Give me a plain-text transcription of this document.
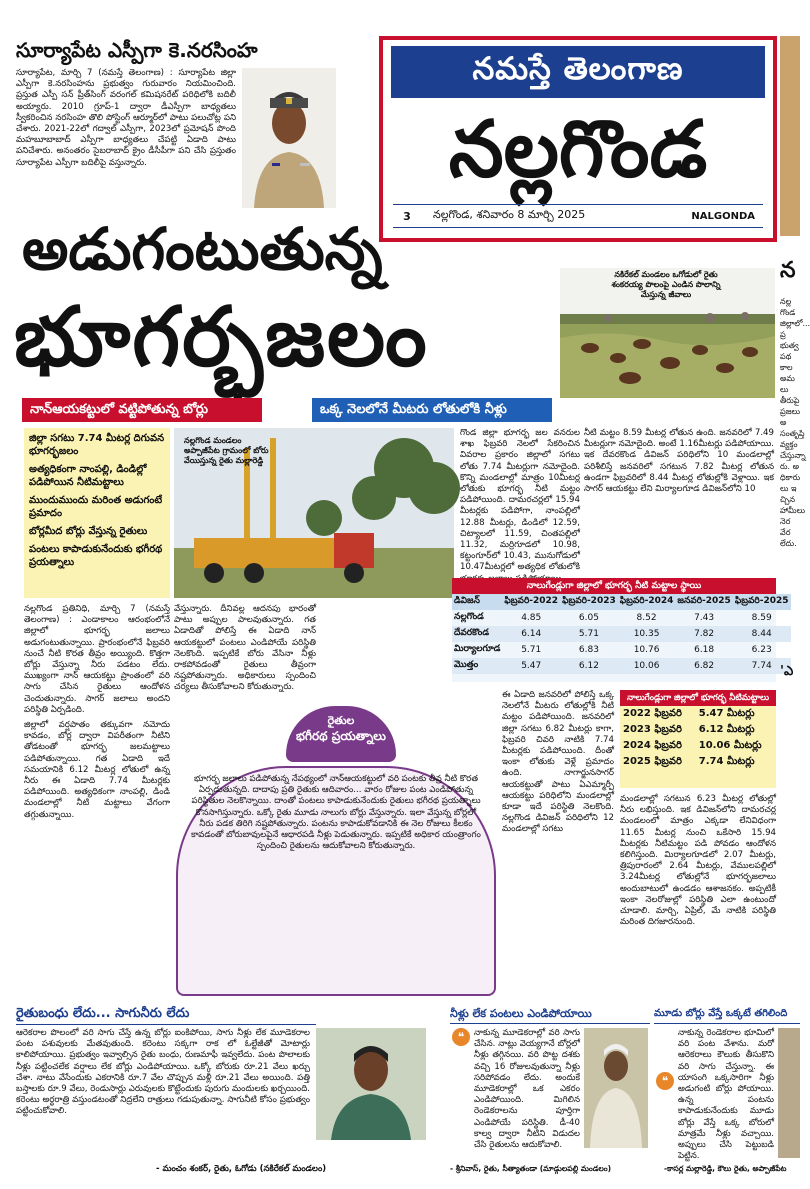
సూర్యాపేట ఎస్పీగా కె.నరసింహ
సూర్యాపేట, మార్చి 7 (నమస్తే తెలంగాణ) : సూర్యాపేట జిల్లా ఎస్పీగా కె.నరసింహను ప్రభుత్వం గురువారం నియమించింది. ప్రస్తుత ఎస్పీ సన్ ప్రీత్‌సింగ్ వరంగల్ కమిషనరేట్ పరిధిలోకి బదిలీ అయ్యారు. 2010 గ్రూప్‌-1 ద్వారా డీఎస్పీగా బాధ్యతలు స్వీకరించిన నరసింహ తొలి పోస్టింగ్ ఆర్మూర్‌లో పాటు పలుచోట్ల పని చేశారు. 2021-22లో గద్వాల్ ఎస్పీగా, 2023లో ప్రమోషన్ పొంది మహబూబాబాద్ ఎస్పీగా బాధ్యతలు చేపట్టి ఏడాది పాటు పనిచేశారు. అనంతరం సైబరాబాద్ క్రైం డీసీపీగా పని చేసి ప్రస్తుతం సూర్యాపేట ఎస్పీగా బదిలీపై వస్తున్నారు.
నమస్తే తెలంగాణ
నల్లగొండ
3	నల్లగొండ, శనివారం 8 మార్చి 2025	NALGONDA
అడుగంటుతున్న
భూగర్భజలం
నాన్‌ఆయకట్టులో వట్టిపోతున్న బోర్లు	ఒక్క నెలలోనే మీటరు లోతులోకి నీళ్లు
నకిరేకల్ మండలం ఒగోడులో రైతు శంకరయ్య పొలంపై ఎండిన పొలాన్ని మేస్తున్న జీవాలు
జిల్లా సగటు 7.74 మీటర్ల దిగువన భూగర్భజలం
అత్యధికంగా నాంపల్లి, డిండిల్లో పడిపోయిన నీటిమట్టాలు
ముందుముందు మరింత అడుగంటే ప్రమాదం
బోర్లమీద బోర్లు వేస్తున్న రైతులు
పంటలు కాపాడుకునేందుకు భగీరథ ప్రయత్నాలు
నల్లగొండ మండలం అప్పాజీపేట గ్రామంలో బోరు వేయిస్తున్న రైతు మల్లారెడ్డి
గొండ జిల్లా భూగర్భ జల వనరుల శాఖ ఫిబ్రవరి నెలలో సేకరించిన వివరాల ప్రకారం జిల్లాలో సగటు లోతు 7.74 మీటర్లుగా నమోదైంది. కొన్ని మండలాల్లో మాత్రం 10మీటర్ల లోతుకు భూగర్భ నీటి మట్టం పడిపోయింది. దామరచర్లలో 15.94 మీటర్లకు పడిపోగా, నాంపల్లిలో 12.88 మీటర్లు, డిండిలో 12.59, చిట్యాలలో 11.59, చింతపల్లిలో 11.32, మర్రిగూడలో 10.98, కట్టంగూర్‌లో 10.43, మునుగోడులో 10.47మీటర్లలో అత్యధిక లోతులోకి
నీటి మట్టం 8.59 మీటర్ల లోతున ఉంది. జనవరిలో 7.49 మీటర్లుగా నమోదైంది. అంటే 1.16మీటర్లు పడిపోయాయి. ఇక దేవరకొండ డివిజన్ పరిధిలోని 10 మండలాల్లో పరిశీలిస్తే జనవరిలో సగటున 7.82 మీటర్ల లోతున ఉండగా ఫిబ్రవరిలో 8.44 మీటర్ల లోతుల్లోకి వెళ్లాయి. ఇక సాగర్ ఆయకట్టు లేని మిర్యాలగూడ డివిజన్‌లోని 10
నాలుగేండ్లుగా జిల్లాలో భూగర్భ నీటి మట్టాల స్థాయి
డివిజన్	ఫిబ్రవరి-2022	ఫిబ్రవరి-2023	ఫిబ్రవరి-2024	జనవరి-2025	ఫిబ్రవరి-2025
నల్లగొండ	4.85	6.05	8.52	7.43	8.59
దేవరకొండ	6.14	5.71	10.35	7.82	8.44
మిర్యాలగూడ	5.71	6.83	10.76	6.18	6.23
మొత్తం	5.47	6.12	10.06	6.82	7.74

నల్లగొండ ప్రతినిధి, మార్చి 7 (నమస్తే తెలంగాణ) : ఎండాకాలం ఆరంభంలోనే జిల్లాలో భూగర్భ జలాలు అడుగంటుతున్నాయి. ప్రారంభంలోనే ఫిబ్రవరి నుంచే నీటి కొరత తీవ్రం అయ్యింది. కొత్తగా బోర్లు వేస్తున్నా నీరు పడటం లేదు. ముఖ్యంగా నాన్ ఆయకట్టు ప్రాంతంలో వరి సాగు చేసిన రైతులు ఆందోళన చెందుతున్నారు. సాగర్ జలాలు అందని పరిస్థితి ఏర్పడింది.

జిల్లాలో వర్షపాతం తక్కువగా నమోదు కావడం, బోర్ల ద్వారా విపరీతంగా నీటిని తోడటంతో భూగర్భ జలమట్టాలు పడిపోతున్నాయి. గత ఏడాది ఇదే సమయానికి 6.12 మీటర్ల లోతులో ఉన్న నీరు ఈ ఏడాది 7.74 మీటర్లకు పడిపోయింది. అత్యధికంగా నాంపల్లి, డిండి మండలాల్లో నీటి మట్టాలు వేగంగా తగ్గుతున్నాయి.

వేస్తున్నారు. దీనివల్ల ఆదనపు భారంతో పాటు అప్పుల పాలవుతున్నారు. గత ఏడాదితో పోలిస్తే ఈ ఏడాది నాన్ ఆయకట్టులో పంటలు ఎండిపోయే పరిస్థితి నెలకొంది. ఇప్పటికే బోరు వేసినా నీళ్లు రాకపోవడంతో రైతులు తీవ్రంగా నష్టపోతున్నారు. అధికారులు స్పందించి చర్యలు తీసుకోవాలని కోరుతున్నారు.
రైతుల
భగీరథ ప్రయత్నాలు
భూగర్భ జలాలు పడిపోతున్న నేపథ్యంలో నాన్‌ఆయకట్టులో వరి పంటకు తీవ్ర నీటి కొరత ఏర్పడుతున్నది. దాదాపు ప్రతి రైతుకు ఆదివారం... వారం రోజుల పంట ఎండిపోతున్న పరిస్థితుల నెలకొన్నాయి. దాంతో పంటలు కాపాడుకునేందుకు రైతులు భగీరథ ప్రయత్నాలు కొనసాగిస్తున్నారు. ఒక్కో రైతు మూడు నాలుగు బోర్లు వేస్తున్నారు. ఇలా వేస్తున్న బోర్లలో నీరు పడక తిరిగి నష్టపోతున్నారు. పంటను కాపాడుకోవడానికి ఈ నెల రోజులు కీలకం కావడంతో బోరుబావులపైనే ఆధారపడి నీళ్లు పెడుతున్నారు. ఇప్పటికే అధికార యంత్రాంగం స్పందించి రైతులను ఆదుకోవాలని కోరుతున్నారు.
ఈ ఏడాది జనవరిలో పోలిస్తే ఒక్క నెలలోనే మీటరు లోతుల్లోకి నీటి మట్టం పడిపోయింది. జనవరిలో జిల్లా సగటు 6.82 మీటర్లు కాగా, ఫిబ్రవరి చివరి నాటికి 7.74 మీటర్లకు పడిపోయింది. దీంతో ఇంకా లోతుకు వెళ్లే ప్రమాదం ఉంది. నాగార్జునసాగర్ ఆయకట్టుతో పాటు ఏఎమ్మార్పీ ఆయకట్టు పరిధిలోని మండలాల్లో కూడా ఇదే పరిస్థితి నెలకొంది. నల్లగొండ డివిజన్ పరిధిలోని 12 మండలాల్లో సగటు
నాలుగేండ్లుగా జిల్లాలో భూగర్భ నీటిమట్టాలు
2022 ఫిబ్రవరి	5.47 మీటర్లు
2023 ఫిబ్రవరి	6.12 మీటర్లు
2024 ఫిబ్రవరి	10.06 మీటర్లు
2025 ఫిబ్రవరి	7.74 మీటర్లు
మండలాల్లో సగటున 6.23 మీటర్ల లోతుల్లో నీరు లభిస్తుంది. ఇక డివిజన్‌లోని దామరచర్ల మండలంలో మాత్రం ఎక్కడా లేనివిధంగా 11.65 మీటర్ల నుంచి ఒకేసారి 15.94 మీటర్లకు నీటిమట్టం పడి పోవడం ఆందోళన కలిగిస్తుంది. మిర్యాలగూడలో 2.07 మీటర్లు, త్రిపురారంలో 2.64 మీటర్లు, వేములపల్లిలో 3.24మీటర్ల లోతుల్లోనే భూగర్భజలాలు అందుబాటులో ఉండడం ఆశాజనకం. అప్పటికీ ఇంకా నెలరోజుల్లో పరిస్థితి ఎలా ఉంటుందో చూడాలి. మార్చి, ఏప్రిల్, మే నాటికి పరిస్థితి మరింత దిగజారనుంది.
రైతుబంధు లేదు... సాగునీరు లేదు
ఆరెకరాల పొలంలో వరి సాగు చేస్తే ఉన్న బోర్లు ఐంకిపోయి, సాగు నీళ్లు లేక మూడెకరాల పంట పశువులకు మేతవుతుంది. కరెంటు సక్కగా రాక లో ఓల్టేజీతో మోటార్లు కాలిపోయాయి. ప్రభుత్వం ఇవ్వాల్సిన రైతు బంధు, రుణమాఫీ ఇవ్వలేదు. పంట పొలాలకు నీళ్లు పట్టించలేక వర్షాలు లేక బోర్లు ఎండిపోయాయి. ఒక్కో బోరుకు రూ.21 వేలు ఖర్చు చేశా. నాటు వేసేందుకు ఎకరానికి రూ.7 వేల చొప్పున మళ్లీ రూ.21 వేలు అయింది. పత్తి బస్తాలకు రూ.9 వేలు, రెండుసార్లు ఎరువులకు కొట్టేందుకు పురుగు మందులకు ఖర్చయింది. కరెంటు అర్ధరాత్రి వస్తుండటంతో నిద్రలేని రాత్రులు గడుపుతున్నా. సాగునీటి కోసం ప్రభుత్వం పట్టించుకోవాలి.
- మంచం శంకర్, రైతు, ఓగోడు (నకిరేకల్ మండలం)
నీళ్లు లేక పంటలు ఎండిపోయాయి
❝	నాకున్న మూడెకరాల్లో వరి సాగు చేసిన. నాట్లు వెయ్యగానే బోర్లలో నీళ్లు తగ్గినయి. వరి పొట్ట దశకు వచ్చి 16 రోజులవుతున్నా నీళ్లు సరిపోవడం లేదు. అందుకే మూడెకరాల్లో ఒక ఎకరం ఎండిపోయింది. మిగిలిన రెండెకరాలను పూర్తిగా ఎండిపోయే పరిస్థితి. డీ-40 కాల్వ ద్వారా నీటిని విడుదల చేసి రైతులను ఆదుకోవాలి.
- శ్రీనివాస్, రైతు, సీత్యాతండా (మాడ్గులపల్లి మండలం)
మూడు బోర్లు వేస్తే ఒక్కటే తగిలింది
❝
నాకున్న రెండెకరాల భూమిలో వరి పంట వేశాను. మరో ఆరెకరాలు కౌలుకు తీసుకొని వరి సాగు చేస్తున్నా. ఈ యాసంగి ఒక్కసారిగా నీళ్లు అడుగంటి బోర్లు పోయాయి. ఉన్న పంటను కాపాడుకునేందుకు మూడు బోర్లు వేస్తే ఒక్క బోరులో మాత్రమే నీళ్లు వచ్చాయి. అప్పులు చేసి పెట్టుబడి పెట్టిన.
-కాసర్ల మల్లారెడ్డి, కౌలు రైతు, అప్పాజీపేట
న
నల్లగొండ జిల్లాలో... ప్రభుత్వ పథకాల అమలు తీరుపై ప్రజలు అసంతృప్తి వ్యక్తం చేస్తున్నారు. అధికారులు ఇచ్చిన హామీలు నెరవేరలేదు.
'ఎ
